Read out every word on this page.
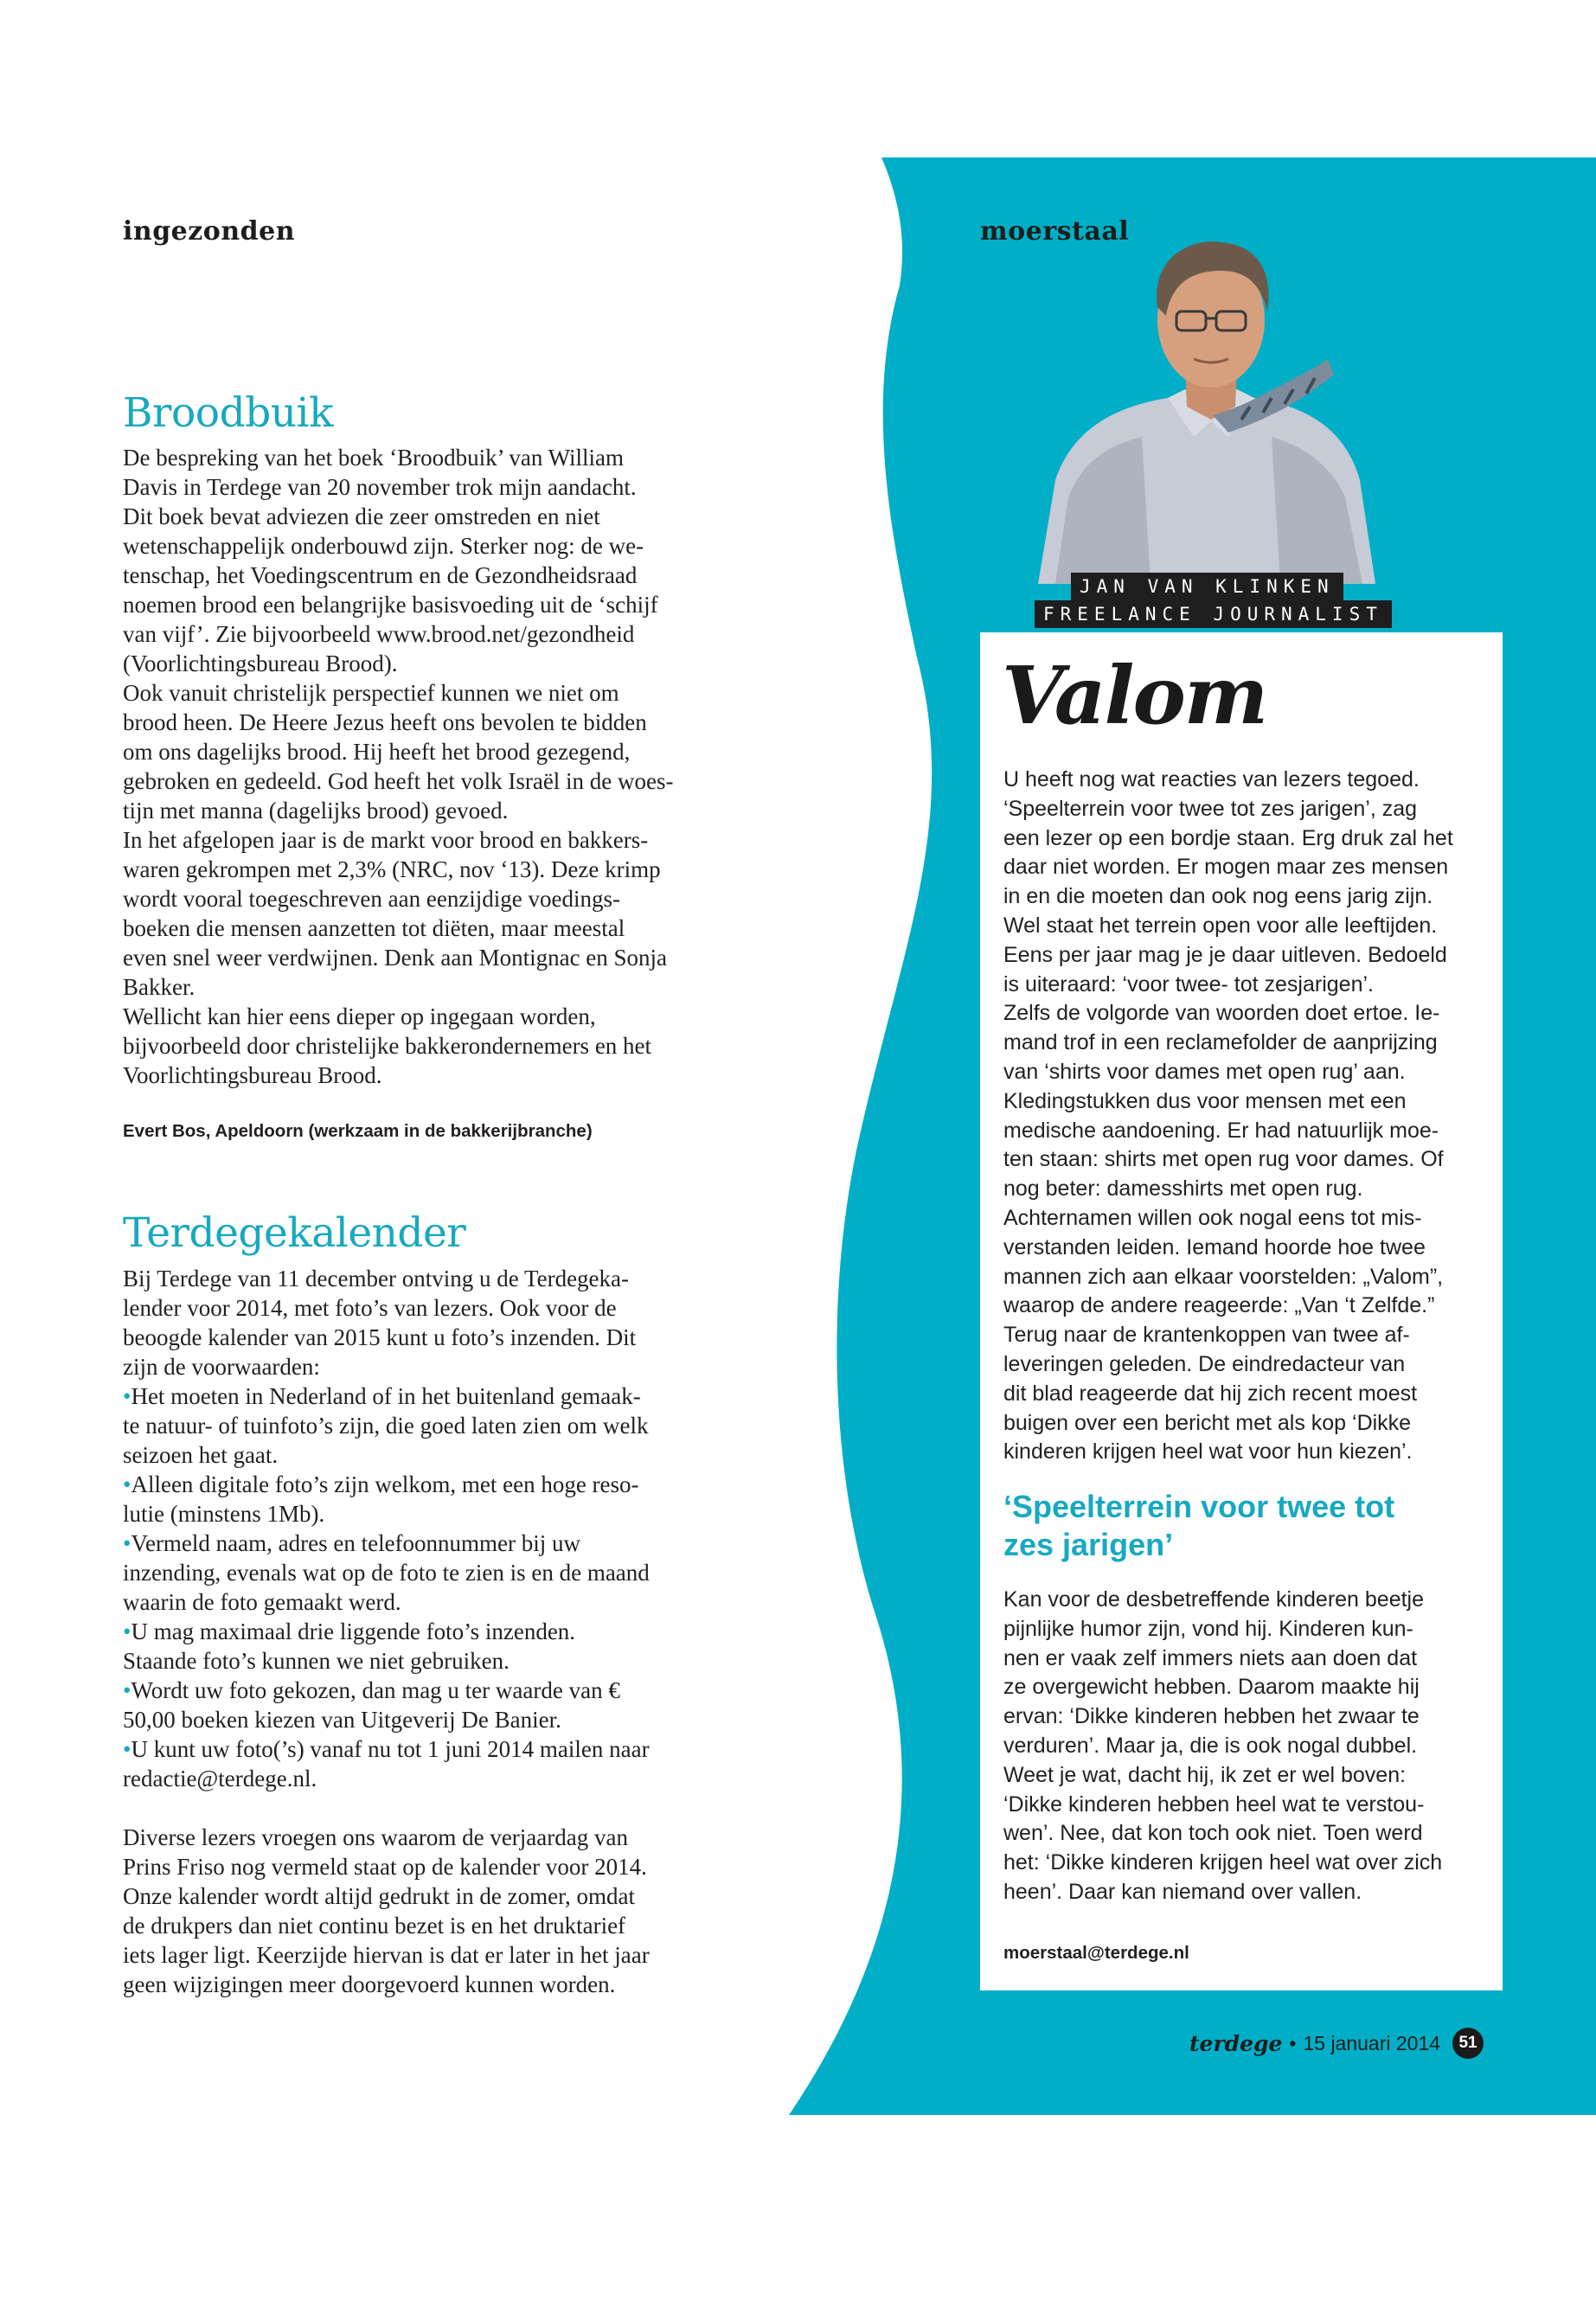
ingezonden	moerstaal
Broodbuik

De bespreking van het boek ‘Broodbuik’ van William

Davis in Terdege van 20 november trok mijn aandacht.

Dit boek bevat adviezen die zeer omstreden en niet

wetenschappelijk onderbouwd zijn. Sterker nog: de we-

tenschap, het Voedingscentrum en de Gezondheidsraad

noemen brood een belangrijke basisvoeding uit de ‘schijf

van vijf’. Zie bijvoorbeeld www.brood.net/gezondheid

(Voorlichtingsbureau Brood).

Ook vanuit christelijk perspectief kunnen we niet om

brood heen. De Heere Jezus heeft ons bevolen te bidden

om ons dagelijks brood. Hij heeft het brood gezegend,

gebroken en gedeeld. God heeft het volk Israël in de woes-

tijn met manna (dagelijks brood) gevoed.

In het afgelopen jaar is de markt voor brood en bakkers-

waren gekrompen met 2,3% (NRC, nov ‘13). Deze krimp

wordt vooral toegeschreven aan eenzijdige voedings-

boeken die mensen aanzetten tot diëten, maar meestal

even snel weer verdwijnen. Denk aan Montignac en Sonja

Bakker.

Wellicht kan hier eens dieper op ingegaan worden,

bijvoorbeeld door christelijke bakkerondernemers en het

Voorlichtingsbureau Brood.

Evert Bos, Apeldoorn (werkzaam in de bakkerijbranche)

Terdegekalender

Bij Terdege van 11 december ontving u de Terdegeka-

lender voor 2014, met foto’s van lezers. Ook voor de

beoogde kalender van 2015 kunt u foto’s inzenden. Dit

zijn de voorwaarden:

•Het moeten in Nederland of in het buitenland gemaak-

te natuur- of tuinfoto’s zijn, die goed laten zien om welk

seizoen het gaat.

•Alleen digitale foto’s zijn welkom, met een hoge reso-

lutie (minstens 1Mb).

•Vermeld naam, adres en telefoonnummer bij uw

inzending, evenals wat op de foto te zien is en de maand

waarin de foto gemaakt werd.

•U mag maximaal drie liggende foto’s inzenden.

Staande foto’s kunnen we niet gebruiken.

•Wordt uw foto gekozen, dan mag u ter waarde van €

50,00 boeken kiezen van Uitgeverij De Banier.

•U kunt uw foto(’s) vanaf nu tot 1 juni 2014 mailen naar

redactie@terdege.nl.

Diverse lezers vroegen ons waarom de verjaardag van

Prins Friso nog vermeld staat op de kalender voor 2014.

Onze kalender wordt altijd gedrukt in de zomer, omdat

de drukpers dan niet continu bezet is en het druktarief

iets lager ligt. Keerzijde hiervan is dat er later in het jaar

geen wijzigingen meer doorgevoerd kunnen worden.

JAN VAN KLINKEN
FREELANCE JOURNALIST
Valom

U heeft nog wat reacties van lezers tegoed.

‘Speelterrein voor twee tot zes jarigen’, zag

een lezer op een bordje staan. Erg druk zal het

daar niet worden. Er mogen maar zes mensen

in en die moeten dan ook nog eens jarig zijn.

Wel staat het terrein open voor alle leeftijden.

Eens per jaar mag je je daar uitleven. Bedoeld

is uiteraard: ‘voor twee- tot zesjarigen’.

Zelfs de volgorde van woorden doet ertoe. Ie-

mand trof in een reclamefolder de aanprijzing

van ‘shirts voor dames met open rug’ aan.

Kledingstukken dus voor mensen met een

medische aandoening. Er had natuurlijk moe-

ten staan: shirts met open rug voor dames. Of

nog beter: damesshirts met open rug.

Achternamen willen ook nogal eens tot mis-

verstanden leiden. Iemand hoorde hoe twee

mannen zich aan elkaar voorstelden: „Valom”,

waarop de andere reageerde: „Van ‘t Zelfde.”

Terug naar de krantenkoppen van twee af-

leveringen geleden. De eindredacteur van

dit blad reageerde dat hij zich recent moest

buigen over een bericht met als kop ‘Dikke

kinderen krijgen heel wat voor hun kiezen’.

‘Speelterrein voor twee tot
zes jarigen’

Kan voor de desbetreffende kinderen beetje

pijnlijke humor zijn, vond hij. Kinderen kun-

nen er vaak zelf immers niets aan doen dat

ze overgewicht hebben. Daarom maakte hij

ervan: ‘Dikke kinderen hebben het zwaar te

verduren’. Maar ja, die is ook nogal dubbel.

Weet je wat, dacht hij, ik zet er wel boven:

‘Dikke kinderen hebben heel wat te verstou-

wen’. Nee, dat kon toch ook niet. Toen werd

het: ‘Dikke kinderen krijgen heel wat over zich

heen’. Daar kan niemand over vallen.

moerstaal@terdege.nl

terdege • 15 januari 2014	51
